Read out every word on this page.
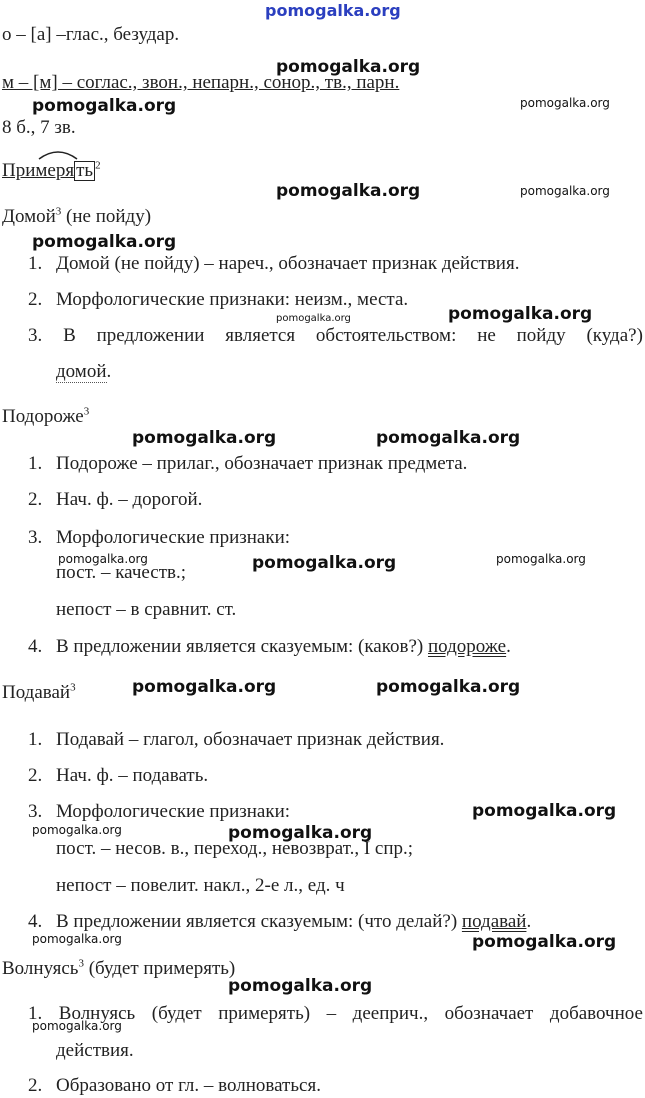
pomogalka.org
о – [а] –глас., безудар.
м – [м] – соглас., звон., непарн., сонор., тв., парн.
8 б., 7 зв.
Примеря ть $^2$
Домой$^3$ (не пойду)
1. Домой (не пойду) – нареч., обозначает признак действия.
2. Морфологические признаки: неизм., места.
3. В предложении является обстоятельством: не пойду (куда?)
домой.
Подороже$^3$
1. Подороже – прилаг., обозначает признак предмета.
2. Нач. ф. – дорогой.
3. Морфологические признаки:
пост. – качеств.;
непост – в сравнит. ст.
4. В предложении является сказуемым: (каков?) подороже.
Подавай$^3$
1. Подавай – глагол, обозначает признак действия.
2. Нач. ф. – подавать.
3. Морфологические признаки:
пост. – несов. в., переход., невозврат., I спр.;
непост – повелит. накл., 2-е л., ед. ч
4. В предложении является сказуемым: (что делай?) подавай.
Волнуясь$^3$ (будет примерять)
1. Волнуясь (будет примерять) – дееприч., обозначает добавочное
действия.
2. Образовано от гл. – волноваться.
pomogalka.org
pomogalka.org	pomogalka.org
pomogalka.org	pomogalka.org
pomogalka.org
pomogalka.org	pomogalka.org
pomogalka.org	pomogalka.org
pomogalka.org	pomogalka.org	pomogalka.org
pomogalka.org	pomogalka.org
pomogalka.org
pomogalka.org	pomogalka.org
pomogalka.org	pomogalka.org
pomogalka.org
pomogalka.org
